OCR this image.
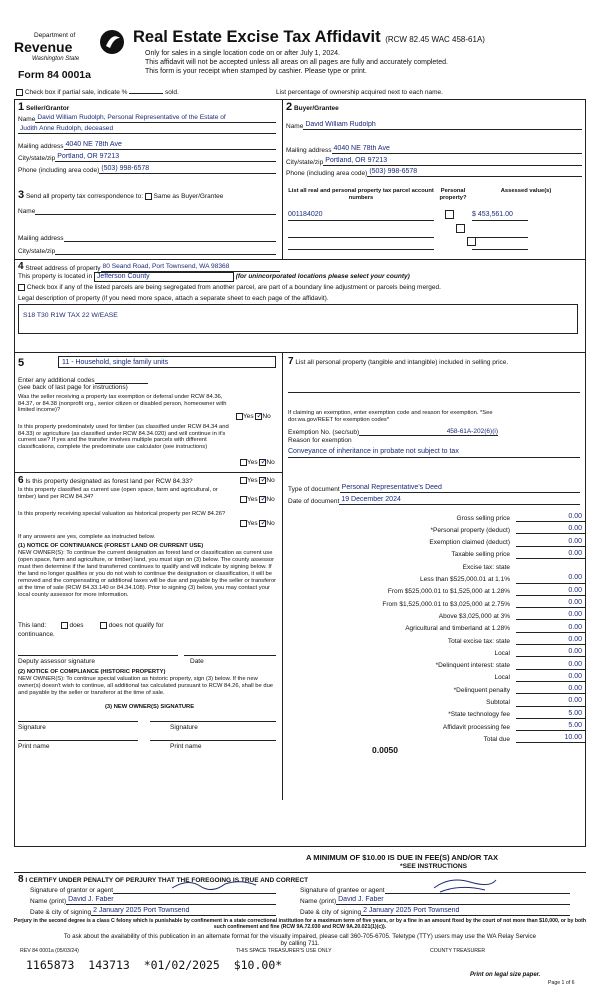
Department of
Revenue
Washington State
Form 84 0001a
Real Estate Excise Tax Affidavit (RCW 82.45 WAC 458-61A)
Only for sales in a single location code on or after July 1, 2024.
This affidavit will not be accepted unless all areas on all pages are fully and accurately completed.
This form is your receipt when stamped by cashier. Please type or print.
Check box if partial sale, indicate %	sold.	List percentage of ownership acquired next to each name.
1 Seller/Grantor
Name David William Rudolph, Personal Representative of the Estate of
Judith Anne Rudolph, deceased
Mailing address 4040 NE 78th Ave
City/state/zip Portland, OR 97213
Phone (including area code) (503) 998-6578
2 Buyer/Grantee
Name David William Rudolph
Mailing address 4040 NE 78th Ave
City/state/zip Portland, OR 97213
Phone (including area code) (503) 998-6578
3 Send all property tax correspondence to: Same as Buyer/Grantee
Name
Mailing address
City/state/zip
List all real and personal property tax parcel account numbers
Personal property?
Assessed value(s)
001184020
	$ 453,561.00
4
Street address of property 80 Seand Road, Port Townsend, WA 98368
This property is located in Jefferson County	(for unincorporated locations please select your county)
Check box if any of the listed parcels are being segregated from another parcel, are part of a boundary line adjustment or parcels being merged.
Legal description of property (if you need more space, attach a separate sheet to each page of the affidavit).
S18 T30 R1W TAX 22 W/EASE
5	11 - Household, single family units
Enter any additional codes
(see back of last page for instructions)
Was the seller receiving a property tax exemption or deferral under RCW 84.36, 84.37, or 84.38 (nonprofit org., senior citizen or disabled person, homeowner with limited income)?
Yes ✓ No
Is this property predominately used for timber (as classified under RCW 84.34 and 84.33) or agriculture (as classified under RCW 84.34.020) and will continue in it's current use? If yes and the transfer involves multiple parcels with different classifications, complete the predominate use calculator (see instructions)
Yes ✓ No
6 Is this property designated as forest land per RCW 84.33?	Yes ✓ No
Is this property classified as current use (open space, farm and agricultural, or timber) land per RCW 84.34?	Yes ✓ No
Is this property receiving special valuation as historical property per RCW 84.26?
Yes ✓ No
If any answers are yes, complete as instructed below.
(1) NOTICE OF CONTINUANCE (FOREST LAND OR CURRENT USE)
NEW OWNER(S): To continue the current designation as forest land or classification as current use (open space, farm and agriculture, or timber) land, you must sign on (3) below. The county assessor must then determine if the land transferred continues to qualify and will indicate by signing below. If the land no longer qualifies or you do not wish to continue the designation or classification, it will be removed and the compensating or additional taxes will be due and payable by the seller or transferor at the time of sale (RCW 84.33.140 or 84.34.108). Prior to signing (3) below, you may contact your local county assessor for more information.
This land:	does	does not qualify for
continuance.
Deputy assessor signature	Date
(2) NOTICE OF COMPLIANCE (HISTORIC PROPERTY)
NEW OWNER(S): To continue special valuation as historic property, sign (3) below. If the new owner(s) doesn't wish to continue, all additional tax calculated pursuant to RCW 84.26, shall be due and payable by the seller or transferor at the time of sale.
(3) NEW OWNER(S) SIGNATURE
Signature	Signature
Print name	Print name
7 List all personal property (tangible and intangible) included in selling price.
If claiming an exemption, enter exemption code and reason for exemption. *See dor.wa.gov/REET for exemption codes*
Exemption No. (sec/sub)	458-61A-202(6)(i)
Reason for exemption
Conveyance of inheritance in probate not subject to tax
Type of document Personal Representative's Deed
Date of document 19 December 2024
Gross selling price	0.00
*Personal property (deduct)	0.00
Exemption claimed (deduct)	0.00
Taxable selling price	0.00
Excise tax: state
Less than $525,000.01 at 1.1%	0.00
From $525,000.01 to $1,525,000 at 1.28%	0.00
From $1,525,000.01 to $3,025,000 at 2.75%	0.00
Above $3,025,000 at 3%	0.00
Agricultural and timberland at 1.28%	0.00
Total excise tax: state	0.00
Local	0.00
*Delinquent interest: state	0.00
Local	0.00
*Delinquent penalty	0.00
Subtotal	0.00
*State technology fee	5.00
Affidavit processing fee	5.00
Total due	10.00
0.0050
A MINIMUM OF $10.00 IS DUE IN FEE(S) AND/OR TAX
*SEE INSTRUCTIONS
8 I CERTIFY UNDER PENALTY OF PERJURY THAT THE FOREGOING IS TRUE AND CORRECT
Signature of grantor or agent	Signature of grantee or agent
Name (print) David J. Faber	Name (print) David J. Faber
Date & city of signing 2 January 2025 Port Townsend	Date & city of signing 2 January 2025 Port Townsend
Perjury in the second degree is a class C felony which is punishable by confinement in a state correctional institution for a maximum term of five years, or by a fine in an amount fixed by the court of not more than $10,000, or by both such confinement and fine (RCW 9A.72.030 and RCW 9A.20.021(1)(c)).
To ask about the availability of this publication in an alternate format for the visually impaired, please call 360-705-6705. Teletype (TTY) users may use the WA Relay Service by calling 711.
REV 84 0001a (05/03/24)	THIS SPACE TREASURER'S USE ONLY	COUNTY TREASURER
1165873  143713  *01/02/2025  $10.00*
Print on legal size paper.
Page 1 of 6
